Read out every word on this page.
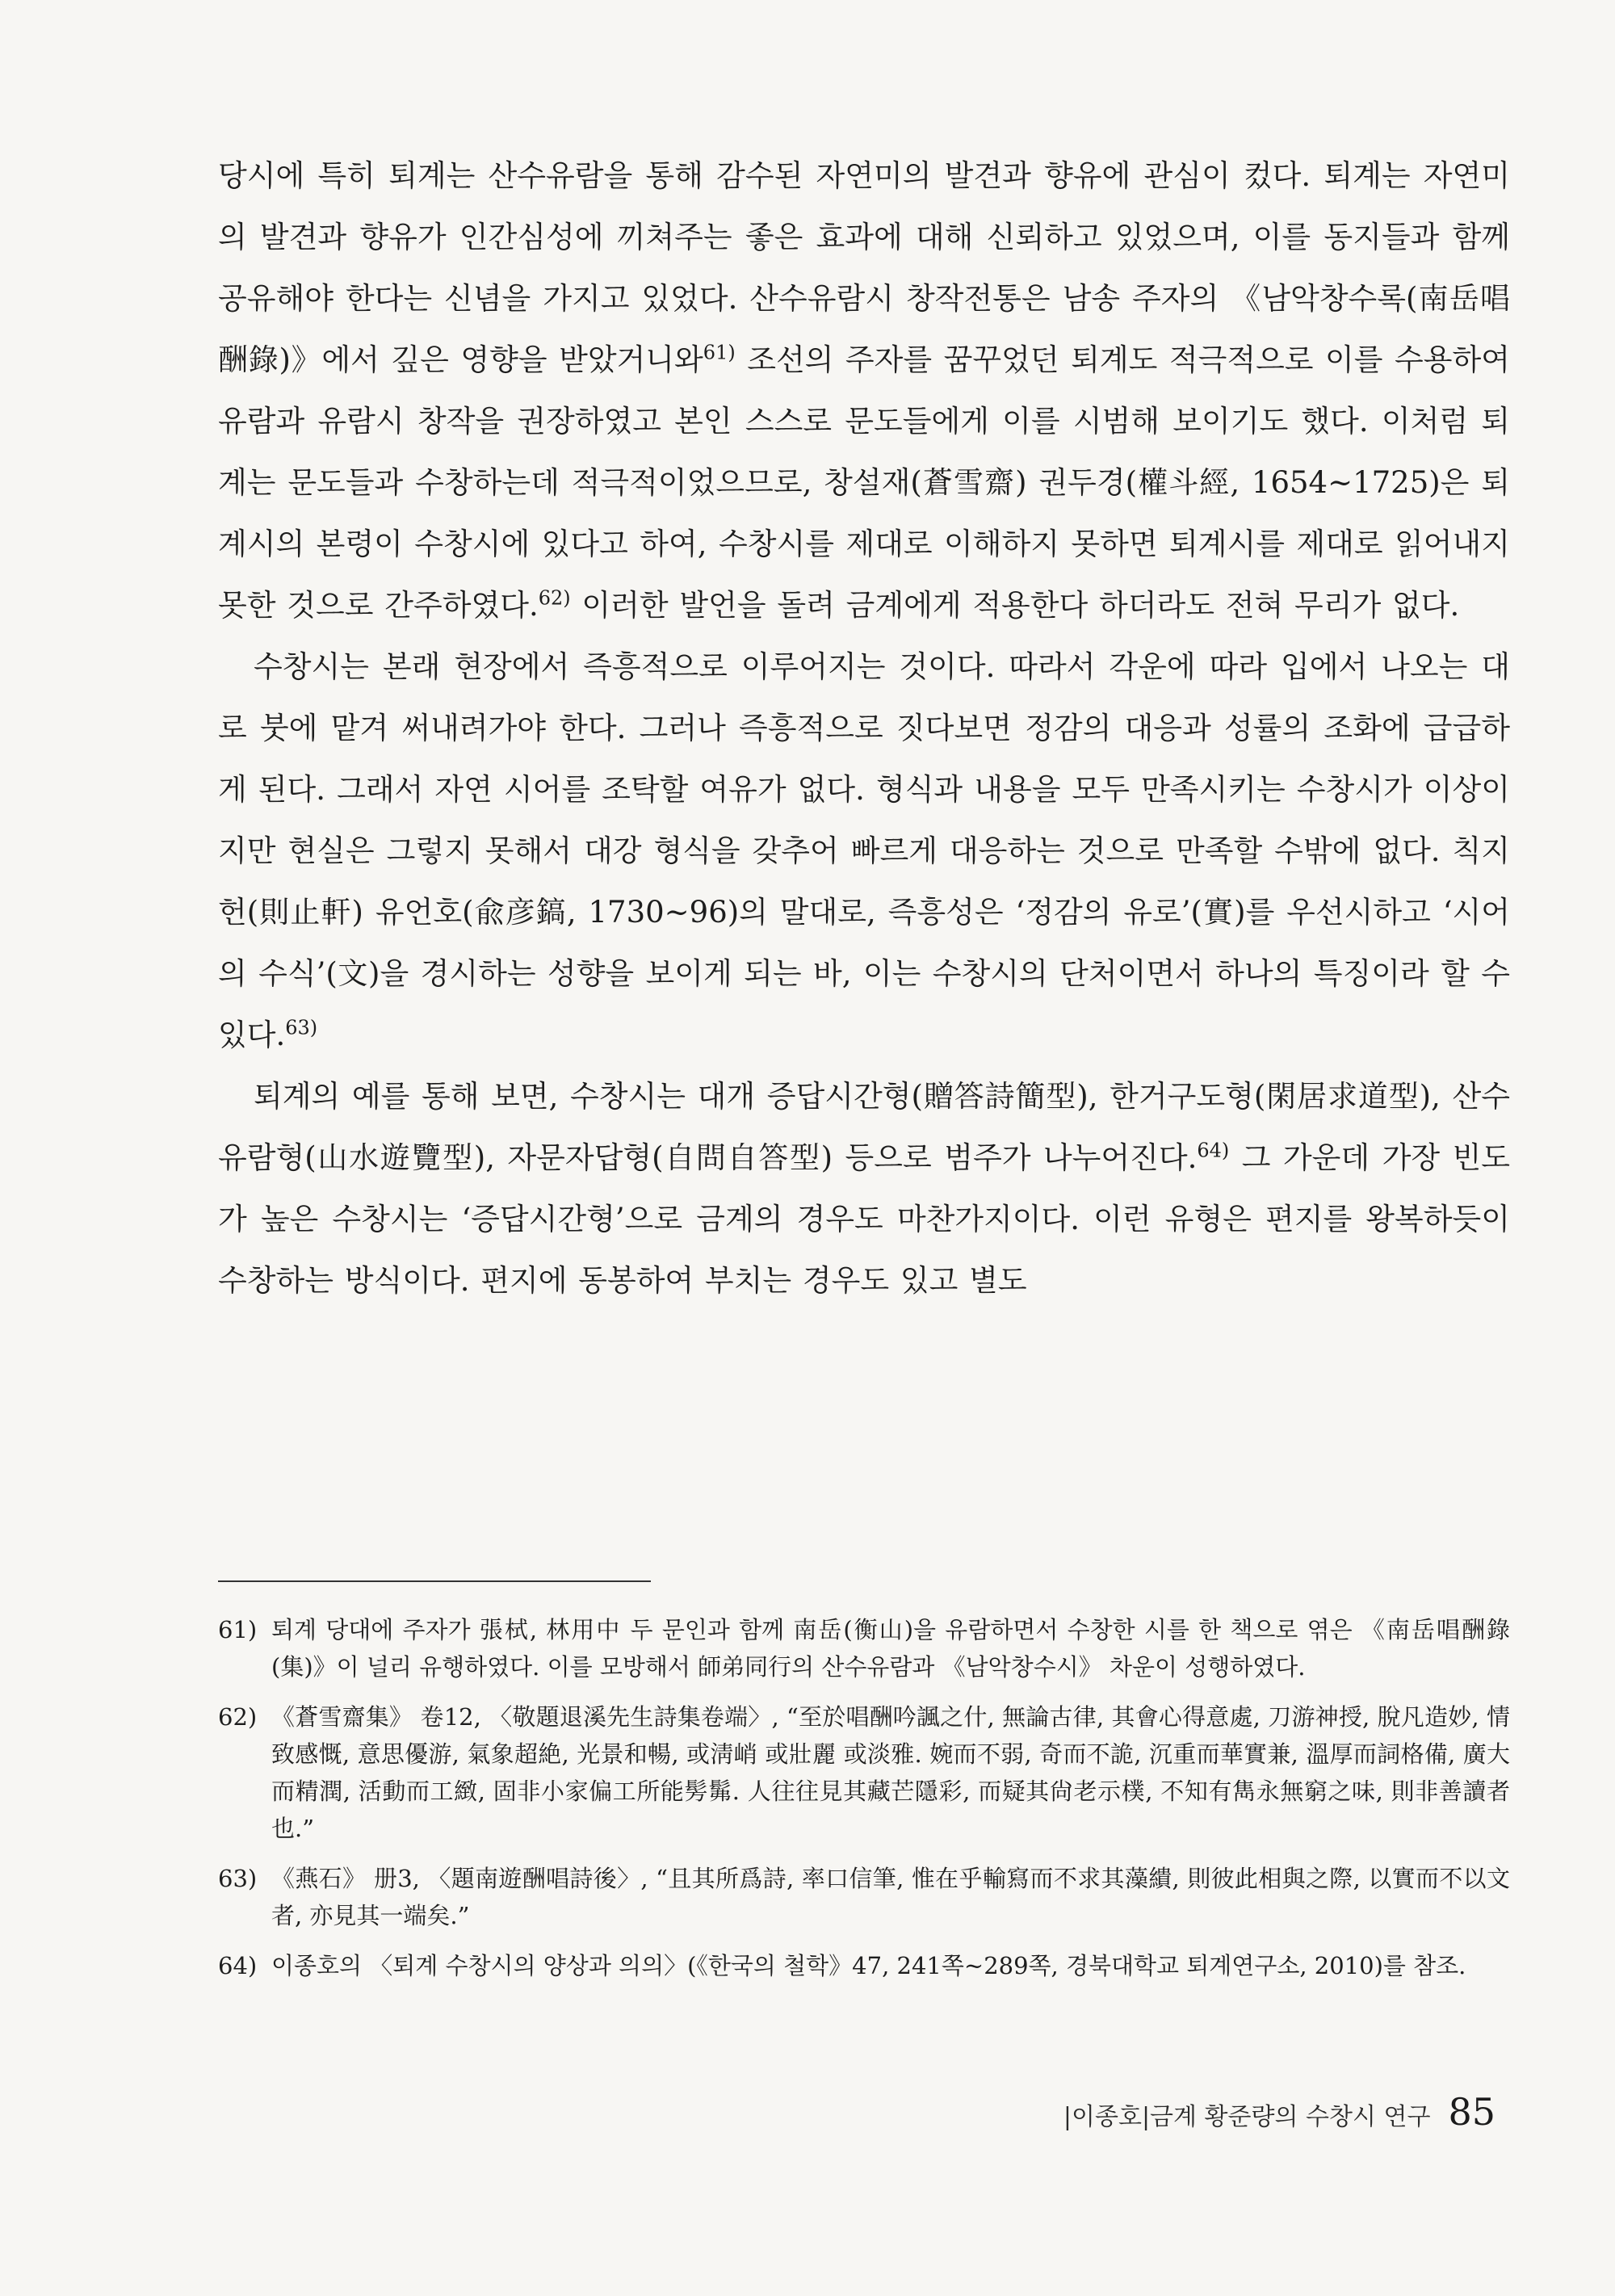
당시에 특히 퇴계는 산수유람을 통해 감수된 자연미의 발견과 향유에 관심이 컸다. 퇴계는 자연미의 발견과 향유가 인간심성에 끼쳐주는 좋은 효과에 대해 신뢰하고 있었으며, 이를 동지들과 함께 공유해야 한다는 신념을 가지고 있었다. 산수유람시 창작전통은 남송 주자의 《남악창수록(南岳唱酬錄)》에서 깊은 영향을 받았거니와$^{61)}$ 조선의 주자를 꿈꾸었던 퇴계도 적극적으로 이를 수용하여 유람과 유람시 창작을 권장하였고 본인 스스로 문도들에게 이를 시범해 보이기도 했다. 이처럼 퇴계는 문도들과 수창하는데 적극적이었으므로, 창설재(蒼雪齋) 권두경(權斗經, 1654~1725)은 퇴계시의 본령이 수창시에 있다고 하여, 수창시를 제대로 이해하지 못하면 퇴계시를 제대로 읽어내지 못한 것으로 간주하였다.$^{62)}$ 이러한 발언을 돌려 금계에게 적용한다 하더라도 전혀 무리가 없다.

수창시는 본래 현장에서 즉흥적으로 이루어지는 것이다. 따라서 각운에 따라 입에서 나오는 대로 붓에 맡겨 써내려가야 한다. 그러나 즉흥적으로 짓다보면 정감의 대응과 성률의 조화에 급급하게 된다. 그래서 자연 시어를 조탁할 여유가 없다. 형식과 내용을 모두 만족시키는 수창시가 이상이지만 현실은 그렇지 못해서 대강 형식을 갖추어 빠르게 대응하는 것으로 만족할 수밖에 없다. 칙지헌(則止軒) 유언호(兪彦鎬, 1730~96)의 말대로, 즉흥성은 ‘정감의 유로’(實)를 우선시하고 ‘시어의 수식’(文)을 경시하는 성향을 보이게 되는 바, 이는 수창시의 단처이면서 하나의 특징이라 할 수 있다.$^{63)}$

퇴계의 예를 통해 보면, 수창시는 대개 증답시간형(贈答詩簡型), 한거구도형(閑居求道型), 산수유람형(山水遊覽型), 자문자답형(自問自答型) 등으로 범주가 나누어진다.$^{64)}$ 그 가운데 가장 빈도가 높은 수창시는 ‘증답시간형’으로 금계의 경우도 마찬가지이다. 이런 유형은 편지를 왕복하듯이 수창하는 방식이다. 편지에 동봉하여 부치는 경우도 있고 별도

61) 퇴계 당대에 주자가 張栻, 林用中 두 문인과 함께 南岳(衡山)을 유람하면서 수창한 시를 한 책으로 엮은 《南岳唱酬錄(集)》이 널리 유행하였다. 이를 모방해서 師弟同行의 산수유람과 《남악창수시》 차운이 성행하였다.
62) 《蒼雪齋集》 卷12, 〈敬題退溪先生詩集卷端〉, “至於唱酬吟諷之什, 無論古律, 其會心得意處, 刀游神授, 脫凡造妙, 情致感慨, 意思優游, 氣象超絶, 光景和暢, 或淸峭 或壯麗 或淡雅. 婉而不弱, 奇而不詭, 沉重而華實兼, 溫厚而詞格備, 廣大而精潤, 活動而工緻, 固非小家偏工所能髣髴. 人往往見其藏芒隱彩, 而疑其尙老示樸, 不知有雋永無窮之味, 則非善讀者也.”
63) 《燕石》 册3, 〈題南遊酬唱詩後〉, “且其所爲詩, 率口信筆, 惟在乎輸寫而不求其藻繢, 則彼此相與之際, 以實而不以文者, 亦見其一端矣.”
64) 이종호의 〈퇴계 수창시의 양상과 의의〉(《한국의 철학》47, 241쪽~289쪽, 경북대학교 퇴계연구소, 2010)를 참조.
|이종호|금계 황준량의 수창시 연구 85
